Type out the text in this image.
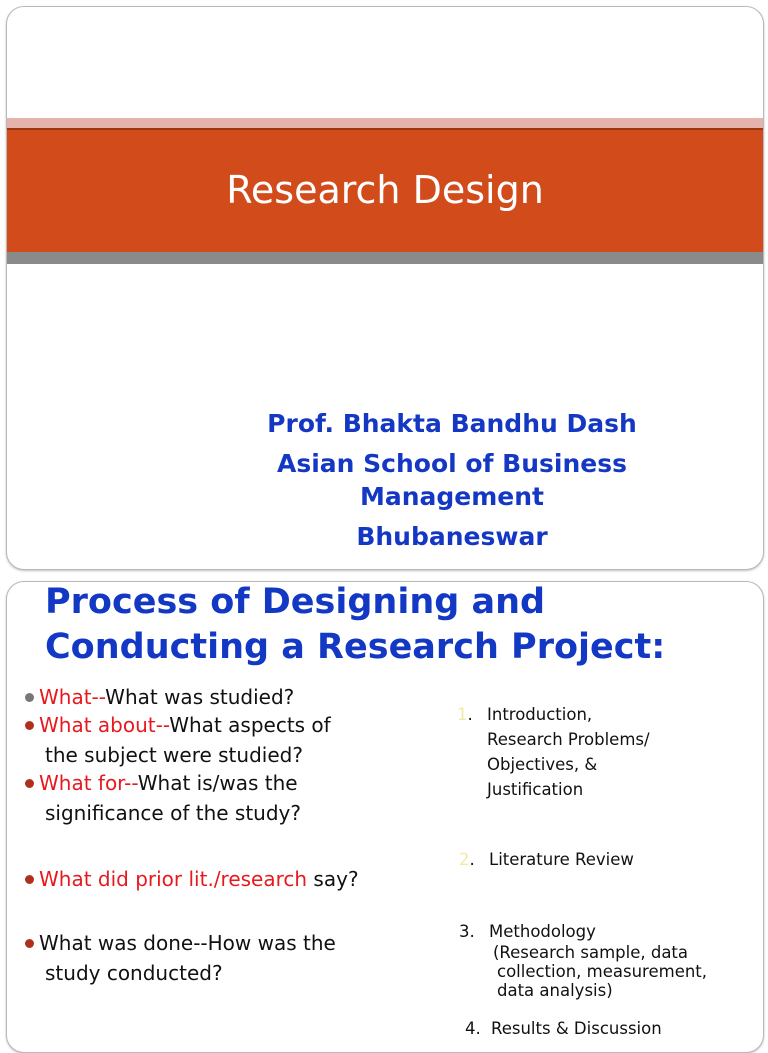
Research Design
Prof. Bhakta Bandhu Dash
Asian School of Business
Management
Bhubaneswar
Process of Designing and
Conducting a Research Project:
What--What was studied?
What about--What aspects of
the subject were studied?
What for--What is/was the
significance of the study?
What did prior lit./research say?
What was done--How was the
study conducted?
1. Introduction,
Research Problems/
Objectives, &
Justification
2. Literature Review
3. Methodology
(Research sample, data
collection, measurement,
data analysis)
4. Results & Discussion
